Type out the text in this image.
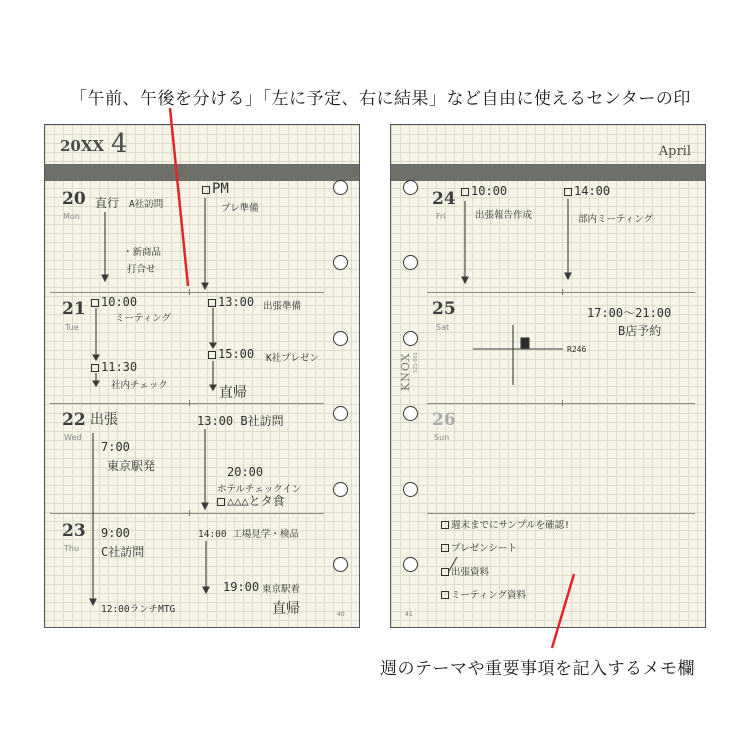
「午前、午後を分ける」「左に予定、右に結果」など自由に使えるセンターの印
週のテーマや重要事項を記入するメモ欄
20XX 4
20
Mon
直行 A社訪問
・新商品
打合せ
PM
プレ準備
21
Tue
10:00
ミーティング
11:30
社内チェック
13:00 出張準備
15:00 K社プレゼン
直帰
22
Wed
出張
7:00
東京駅発
13:00 B社訪問
20:00
ホテルチェックイン
△△△とタ食
23
Thu
9:00
C社訪問
12:00ランチMTG
14:00 工場見学・検品
19:00 東京駅着
直帰	40
April
KNOX S21-001
24
Fri
10:00
出張報告作成
14:00
部内ミーティング
25
Sat
17:00〜21:00
B店予約
R246
26
Sun
週末までにサンプルを確認!
プレゼンシート
出張資料
ミーティング資料
41
